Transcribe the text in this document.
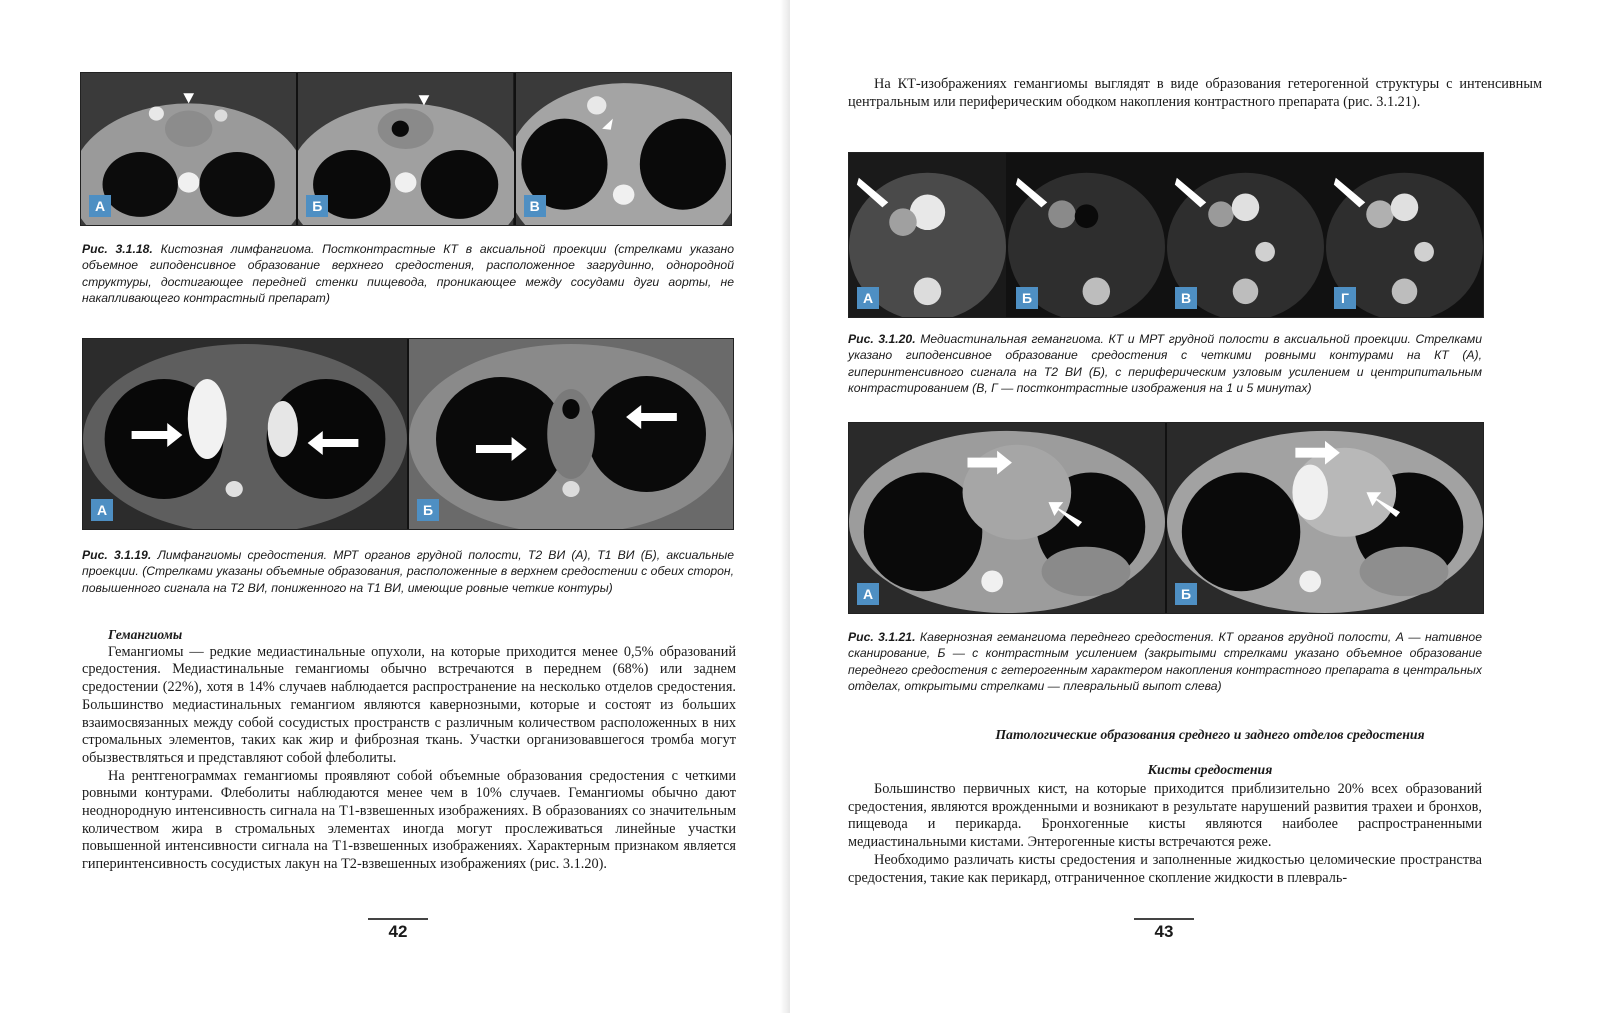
А	Б	В
Рис. 3.1.18. Кистозная лимфангиома. Постконтрастные КТ в аксиальной проекции (стрелками указано объемное гиподенсивное образование верхнего средостения, расположенное загрудинно, однородной структуры, достигающее передней стенки пищевода, проникающее между сосудами дуги аорты, не накапливающего контрастный препарат)
А	Б
Рис. 3.1.19. Лимфангиомы средостения. МРТ органов грудной полости, Т2 ВИ (А), Т1 ВИ (Б), аксиальные проекции. (Стрелками указаны объемные образования, расположенные в верхнем средостении с обеих сторон, повышенного сигнала на Т2 ВИ, пониженного на Т1 ВИ, имеющие ровные четкие контуры)
Гемангиомы

Гемангиомы — редкие медиастинальные опухоли, на которые приходится менее 0,5% образований средостения. Медиастинальные гемангиомы обычно встречаются в переднем (68%) или заднем средостении (22%), хотя в 14% случаев наблюдается распространение на несколько отделов средостения. Большинство медиастинальных гемангиом являются кавернозными, которые и состоят из больших взаимосвязанных между собой сосудистых пространств с различным количеством расположенных в них стромальных элементов, таких как жир и фиброзная ткань. Участки организовавшегося тромба могут обызвествляться и представляют собой флеболиты.

На рентгенограммах гемангиомы проявляют собой объемные образования средостения с четкими ровными контурами. Флеболиты наблюдаются менее чем в 10% случаев. Гемангиомы обычно дают неоднородную интенсивность сигнала на Т1-взвешенных изображениях. В образованиях со значительным количеством жира в стромальных элементах иногда могут прослеживаться линейные участки повышенной интенсивности сигнала на Т1-взвешенных изображениях. Характерным признаком является гиперинтенсивность сосудистых лакун на Т2-взвешенных изображениях (рис. 3.1.20).

42

На КТ-изображениях гемангиомы выглядят в виде образования гетерогенной структуры с интенсивным центральным или периферическим ободком накопления контрастного препарата (рис. 3.1.21).

А	Б	В	Г
Рис. 3.1.20. Медиастинальная гемангиома. КТ и МРТ грудной полости в аксиальной проекции. Стрелками указано гиподенсивное образование средостения с четкими ровными контурами на КТ (А), гиперинтенсивного сигнала на Т2 ВИ (Б), с периферическим узловым усилением и центрипитальным контрастированием (В, Г — постконтрастные изображения на 1 и 5 минутах)
А	Б
Рис. 3.1.21. Кавернозная гемангиома переднего средостения. КТ органов грудной полости, А — нативное сканирование, Б — с контрастным усилением (закрытыми стрелками указано объемное образование переднего средостения с гетерогенным характером накопления контрастного препарата в центральных отделах, открытыми стрелками — плевральный выпот слева)
Патологические образования среднего и заднего отделов средостения
Кисты средостения

Большинство первичных кист, на которые приходится приблизительно 20% всех образований средостения, являются врожденными и возникают в результате нарушений развития трахеи и бронхов, пищевода и перикарда. Бронхогенные кисты являются наиболее распространенными медиастинальными кистами. Энтерогенные кисты встречаются реже.

Необходимо различать кисты средостения и заполненные жидкостью целомические пространства средостения, такие как перикард, отграниченное скопление жидкости в плевраль-

43
